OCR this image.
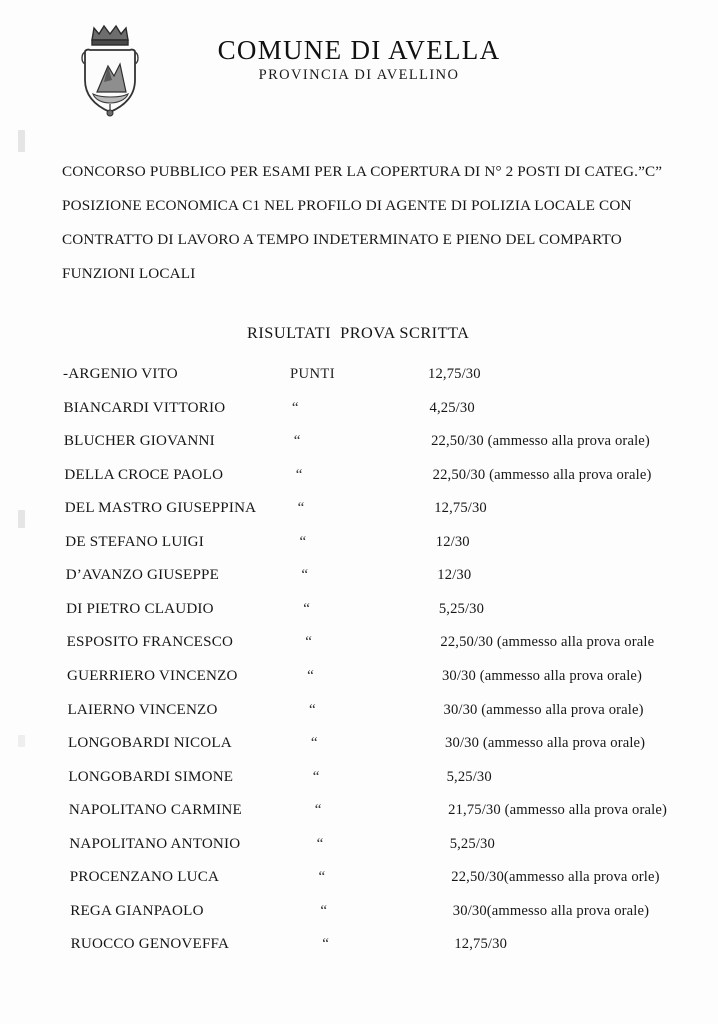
COMUNE DI AVELLA
PROVINCIA DI AVELLINO
CONCORSO PUBBLICO PER ESAMI PER LA COPERTURA DI N° 2 POSTI DI CATEG.”C”
POSIZIONE ECONOMICA C1 NEL PROFILO DI AGENTE DI POLIZIA LOCALE CON
CONTRATTO DI LAVORO A TEMPO INDETERMINATO E PIENO DEL COMPARTO
FUNZIONI LOCALI
RISULTATI  PROVA SCRITTA
-ARGENIO VITO	PUNTI	12,75/30
BIANCARDI VITTORIO	“	4,25/30
BLUCHER GIOVANNI	“	22,50/30 (ammesso alla prova orale)
DELLA CROCE PAOLO	“	22,50/30 (ammesso alla prova orale)
DEL MASTRO GIUSEPPINA	“	12,75/30
DE STEFANO LUIGI	“	12/30
D’AVANZO GIUSEPPE	“	12/30
DI PIETRO CLAUDIO	“	5,25/30
ESPOSITO FRANCESCO	“	22,50/30 (ammesso alla prova orale
GUERRIERO VINCENZO	“	30/30 (ammesso alla prova orale)
LAIERNO VINCENZO	“	30/30 (ammesso alla prova orale)
LONGOBARDI NICOLA	“	30/30 (ammesso alla prova orale)
LONGOBARDI SIMONE	“	5,25/30
NAPOLITANO CARMINE	“	21,75/30 (ammesso alla prova orale)
NAPOLITANO ANTONIO	“	5,25/30
PROCENZANO LUCA	“	22,50/30(ammesso alla prova orle)
REGA GIANPAOLO	“	30/30(ammesso alla prova orale)
RUOCCO GENOVEFFA	“	12,75/30
